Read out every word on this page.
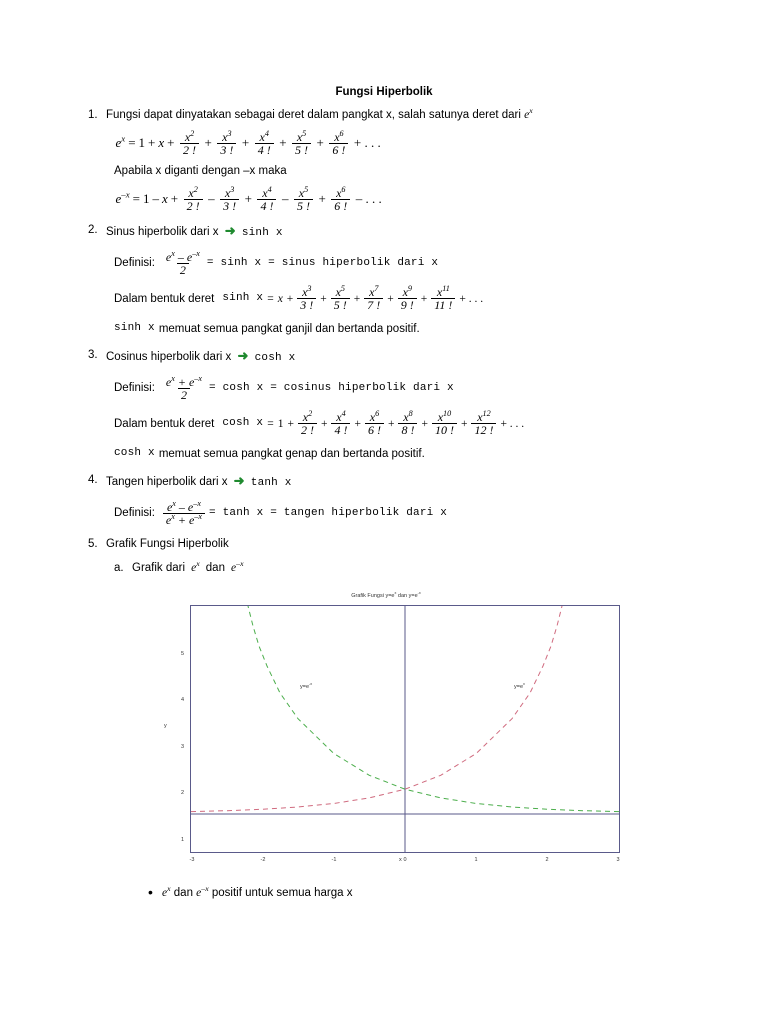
Fungsi Hiperbolik
1. Fungsi dapat dinyatakan sebagai deret dalam pangkat x, salah satunya deret dari $e^x$
$e^x = 1 + x + \frac{x^2}{2 !} + \frac{x^3}{3 !} + \frac{x^4}{4 !} + \frac{x^5}{5 !} + \frac{x^6}{6 !}$ + . . .
Apabila x diganti dengan –x maka
$e^{-x} = 1 - x + \frac{x^2}{2 !} - \frac{x^3}{3 !} + \frac{x^4}{4 !} - \frac{x^5}{5 !} + \frac{x^6}{6 !}$ – . . .
2. Sinus hiperbolik dari x ➜ sinh x
Definisi: $\frac{e^x - e^{-x}}{2} = \sinh x$ = sinus hiperbolik dari x
Dalam bentuk deret $\sinh x = x + \frac{x^3}{3 !} + \frac{x^5}{5 !} + \frac{x^7}{7 !} + \frac{x^9}{9 !} + \frac{x^{11}}{11 !}$ + . . .
sinh x memuat semua pangkat ganjil dan bertanda positif.
3. Cosinus hiperbolik dari x ➜ cosh x
Definisi: $\frac{e^x + e^{-x}}{2} = \cosh x$ = cosinus hiperbolik dari x
Dalam bentuk deret $\cosh x = 1 + \frac{x^2}{2 !} + \frac{x^4}{4 !} + \frac{x^6}{6 !} + \frac{x^8}{8 !} + \frac{x^{10}}{10 !} + \frac{x^{12}}{12 !}$ + . . .
cosh x memuat semua pangkat genap dan bertanda positif.
4. Tangen hiperbolik dari x ➜ tanh x
Definisi: $\frac{e^x - e^{-x}}{e^x + e^{-x}} = \tanh x$ = tangen hiperbolik dari x
5. Grafik Fungsi Hiperbolik
a. Grafik dari  $e^x$ dan  $e^{-x}$
Grafik Fungsi $y=e^x$ dan $y=e^{-x}$
5
4
3
2
1
y
x
$y=e^{-x}$	$y=e^x$
-3	-2	-1	0	1	2	3
• $e^x$ dan $e^{-x}$ positif untuk semua harga x
